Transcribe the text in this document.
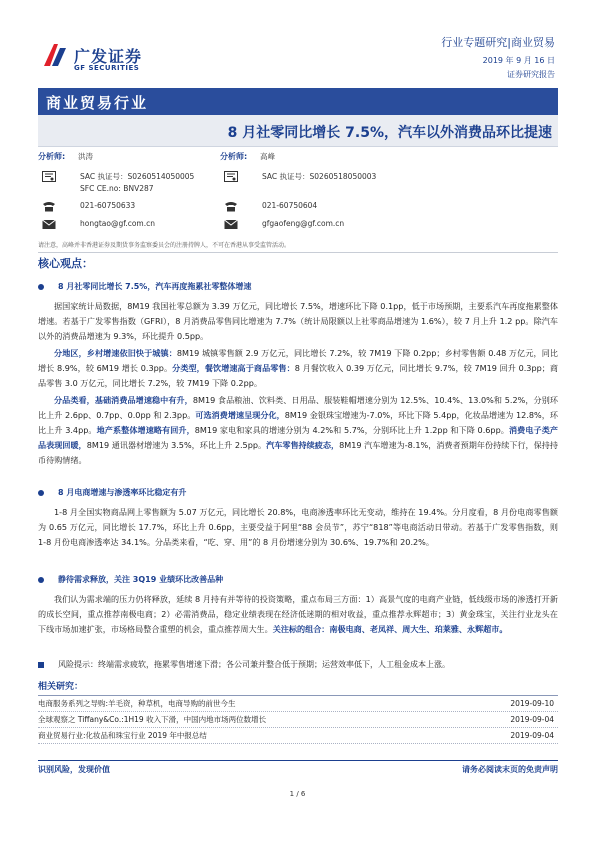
广发证券
GF SECURITIES
行业专题研究|商业贸易
2019 年 9 月 16 日
证券研究报告
商业贸易行业
8 月社零同比增长 7.5%，汽车以外消费品环比提速
分析师: 洪涛
SAC 执证号：S0260514050005
SFC CE.no: BNV287
021-60750633
hongtao@gf.com.cn
分析师: 高峰
SAC 执证号：S0260518050003
021-60750604
gfgaofeng@gf.com.cn
请注意，高峰并非香港证券及期货事务监察委员会的注册持牌人，不可在香港从事受监管活动。
核心观点：
8 月社零同比增长 7.5%，汽车再度拖累社零整体增速
据国家统计局数据，8M19 我国社零总额为 3.39 万亿元，同比增长 7.5%，增速环比下降 0.1pp，低于市场预期，主要系汽车再度拖累整体增速。若基于广发零售指数（GFRI），8 月消费品零售同比增速为 7.7%（统计局限额以上社零商品增速为 1.6%），较 7 月上升 1.2 pp。除汽车以外的消费品增速为 9.3%，环比提升 0.5pp。
分地区，乡村增速依旧快于城镇：8M19 城镇零售额 2.9 万亿元，同比增长 7.2%，较 7M19 下降 0.2pp；乡村零售额 0.48 万亿元，同比增长 8.9%，较 6M19 增长 0.3pp。分类型，餐饮增速高于商品零售：8 月餐饮收入 0.39 万亿元，同比增长 9.7%，较 7M19 回升 0.3pp；商品零售 3.0 万亿元，同比增长 7.2%，较 7M19 下降 0.2pp。
分品类看，基础消费品增速稳中有升，8M19 食品粮油、饮料类、日用品、服装鞋帽增速分别为 12.5%、10.4%、13.0%和 5.2%，分别环比上升 2.6pp、0.7pp、0.0pp 和 2.3pp。可选消费增速呈现分化，8M19 金银珠宝增速为-7.0%，环比下降 5.4pp，化妆品增速为 12.8%，环比上升 3.4pp。地产系整体增速略有回升，8M19 家电和家具的增速分别为 4.2%和 5.7%，分别环比上升 1.2pp 和下降 0.6pp。消费电子类产品表现回暖，8M19 通讯器材增速为 3.5%，环比上升 2.5pp。汽车零售持续疲态，8M19 汽车增速为-8.1%，消费者预期年份持续下行，保持持币待购情绪。
8 月电商增速与渗透率环比稳定有升
1-8 月全国实物商品网上零售额为 5.07 万亿元，同比增长 20.8%，电商渗透率环比无变动，维持在 19.4%。分月度看，8 月份电商零售额为 0.65 万亿元，同比增长 17.7%，环比上升 0.6pp，主要受益于阿里“88 会员节”，苏宁“818”等电商活动日带动。若基于广发零售指数，则 1-8 月份电商渗透率达 34.1%。分品类来看，“吃、穿、用”的 8 月份增速分别为 30.6%、19.7%和 20.2%。
静待需求释放，关注 3Q19 业绩环比改善品种
我们认为需求端的压力仍将释放，延续 8 月持有并等待的投资策略，重点布局三方面：1）高景气度的电商产业链，低线级市场的渗透打开新的成长空间，重点推荐南极电商；2）必需消费品，稳定业绩表现在经济低迷期的相对收益，重点推荐永辉超市；3）黄金珠宝，关注行业龙头在下线市场加速扩张，市场格局整合重塑的机会，重点推荐周大生。关注标的组合：南极电商、老凤祥、周大生、珀莱雅、永辉超市。
风险提示：终端需求疲软，拖累零售增速下滑；各公司兼并整合低于预期；运营效率低下，人工租金成本上涨。
相关研究：
电商服务系列之导购:羊毛资，种草机，电商导购的前世今生	2019-09-10
全球观察之 Tiffany&Co.:1H19 收入下滑，中国内地市场两位数增长	2019-09-04
商业贸易行业:化妆品和珠宝行业 2019 年中报总结	2019-09-04
识别风险，发现价值	请务必阅读末页的免责声明
1 / 6
